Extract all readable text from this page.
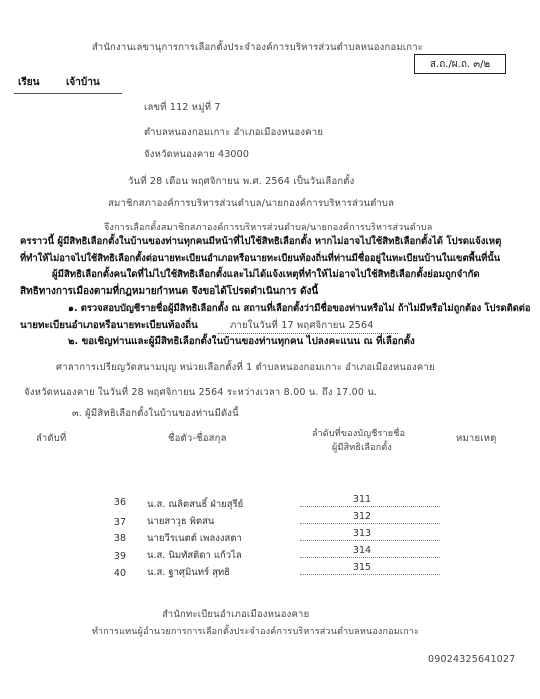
สำนักงานเลขานุการการเลือกตั้งประจำองค์การบริหารส่วนตำบลหนองกอมเกาะ
ส.ถ./ผ.ถ. ๓/๒
เรียน	เจ้าบ้าน
เลขที่ 112 หมู่ที่ 7
ตำบลหนองกอมเกาะ อำเภอเมืองหนองคาย
จังหวัดหนองคาย 43000
วันที่ 28 เดือน พฤศจิกายน พ.ศ. 2564 เป็นวันเลือกตั้ง
สมาชิกสภาองค์การบริหารส่วนตำบล/นายกองค์การบริหารส่วนตำบล
จึงการเลือกตั้งสมาชิกสภาองค์การบริหารส่วนตำบล/นายกองค์การบริหารส่วนตำบล
ครราวนี้ ผู้มีสิทธิเลือกตั้งในบ้านของท่านทุกคนมีหน้าที่ไปใช้สิทธิเลือกตั้ง หากไม่อาจไปใช้สิทธิเลือกตั้งได้ โปรดแจ้งเหตุ
ที่ทำให้ไม่อาจไปใช้สิทธิเลือกตั้งต่อนายทะเบียนอำเภอหรือนายทะเบียนท้องถิ่นที่ท่านมีชื่ออยู่ในทะเบียนบ้านในเขตพื้นที่นั้น
ผู้มีสิทธิเลือกตั้งคนใดที่ไม่ไปใช้สิทธิเลือกตั้งและไม่ได้แจ้งเหตุที่ทำให้ไม่อาจไปใช้สิทธิเลือกตั้งย่อมถูกจำกัด
สิทธิทางการเมืองตามที่กฎหมายกำหนด จึงขอได้โปรดดำเนินการ ดังนี้
๑. ตรวจสอบบัญชีรายชื่อผู้มีสิทธิเลือกตั้ง ณ สถานที่เลือกตั้งว่ามีชื่อของท่านหรือไม่ ถ้าไม่มีหรือไม่ถูกต้อง โปรดติดต่อ
นายทะเบียนอำเภอหรือนายทะเบียนท้องถิ่น	ภายในวันที่ 17 พฤศจิกายน 2564
๒. ขอเชิญท่านและผู้มีสิทธิเลือกตั้งในบ้านของท่านทุกคน ไปลงคะแนน ณ ที่เลือกตั้ง
ศาลาการเปรียญวัดสนามบุญ หน่วยเลือกตั้งที่ 1 ตำบลหนองกอมเกาะ อำเภอเมืองหนองคาย
จังหวัดหนองคาย ในวันที่ 28 พฤศจิกายน 2564 ระหว่างเวลา 8.00 น. ถึง 17.00 น.
๓. ผู้มีสิทธิเลือกตั้งในบ้านของท่านมีดังนี้
ลำดับที่	ชื่อตัว-ชื่อสกุล	ลำดับที่ของบัญชีรายชื่อ
ผู้มีสิทธิเลือกตั้ง
หมายเหตุ
36 น.ส. ณลิตสนธิ์ ฝ่ายสุรีย์	311
37 นายสาวุธ พิตสน	312
38 นายวีรเนตต์ เพลงงสตา	313
39 น.ส. นิมทัสติดา แก้วไล	314
40 น.ส. ฐาศุมินทร์ สุทธิ	315
สำนักทะเบียนอำเภอเมืองหนองคาย
ทำการแทนผู้อำนวยการการเลือกตั้งประจำองค์การบริหารส่วนตำบลหนองกอมเกาะ
09024325641027
